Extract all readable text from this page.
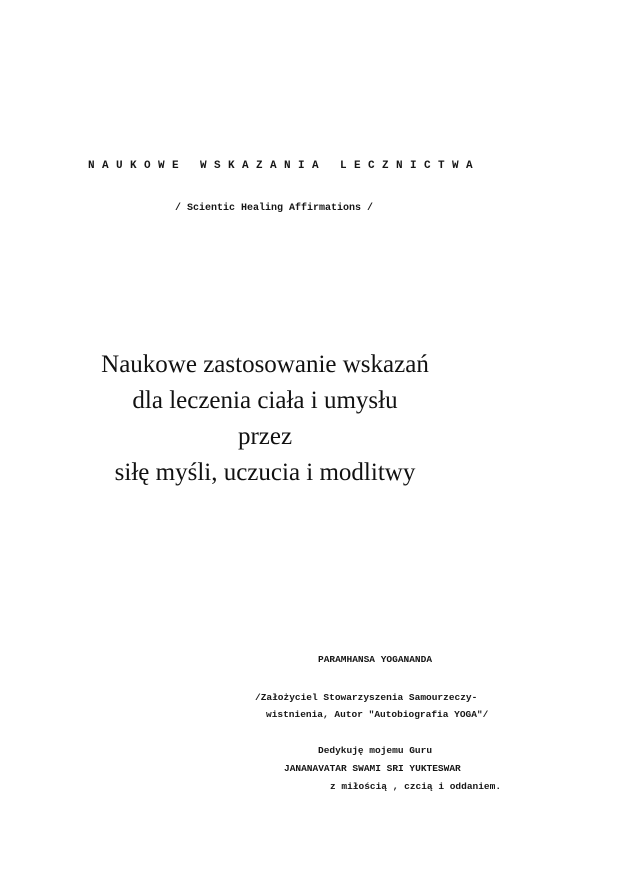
NAUKOWE WSKAZANIA LECZNICTWA
/ Scientic Healing Affirmations /
Naukowe zastosowanie wskazań
dla leczenia ciała i umysłu
przez
siłę myśli, uczucia i modlitwy
PARAMHANSA YOGANANDA
/Założyciel Stowarzyszenia Samourzeczy-
wistnienia, Autor "Autobiografia YOGA"/
Dedykuję mojemu Guru
JANANAVATAR SWAMI SRI YUKTESWAR
z miłością , czcią i oddaniem.
